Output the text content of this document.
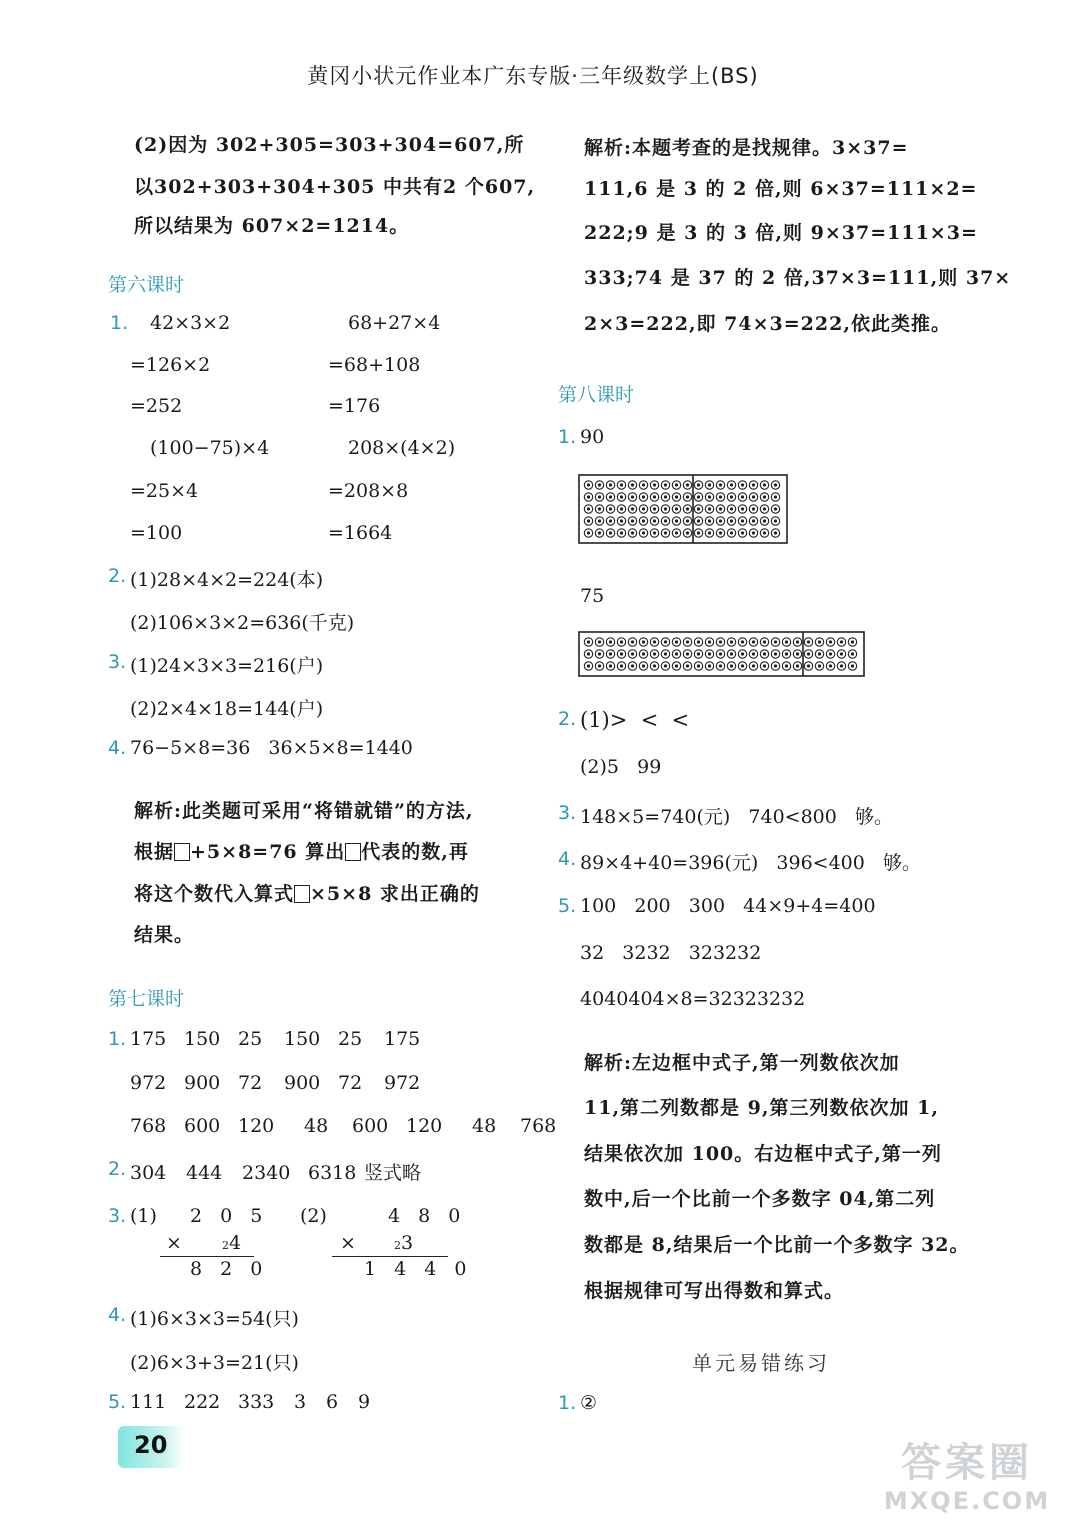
黄冈小状元作业本广东专版·三年级数学上(BS)
(2)因为 302+305=303+304=607,所
以302+303+304+305 中共有2 个607,
所以结果为 607×2=1214。
第六课时
1. 42×3×2
=126×2
=252
68+27×4
=68+108
=176
(100−75)×4
=25×4
=100
208×(4×2)
=208×8
=1664
2. (1)28×4×2=224(本)
(2)106×3×2=636(千克)
3. (1)24×3×3=216(户)
(2)2×4×18=144(户)
4. 76−5×8=36   36×5×8=1440
解析:此类题可采用“将错就错”的方法,
根据 +5×8=76 算出 代表的数,再
将这个数代入算式 ×5×8 求出正确的
结果。
第七课时
1. 175 150 25 150 25 175
972 900 72 900 72 972
768 600 120 48 600 120 48 768
2. 304 444 2340 6318 竖式略
3. (1) 2 0 5
×	24
8 2 0
(2)	4 8 0
×	23
1 4 4 0
4. (1)6×3×3=54(只)
(2)6×3+3=21(只)
5. 111 222 333 3 6 9
解析:本题考查的是找规律。3×37=
111,6 是 3 的 2 倍,则 6×37=111×2=
222;9 是 3 的 3 倍,则 9×37=111×3=
333;74 是 37 的 2 倍,37×3=111,则 37×
2×3=222,即 74×3=222,依此类推。
第八课时
1. 90
75
2. (1)>  <  <
(2)5   99
3. 148×5=740(元)   740<800   够。
4. 89×4+40=396(元)   396<400   够。
5. 100   200   300   44×9+4=400
32   3232   323232
4040404×8=32323232
解析:左边框中式子,第一列数依次加
11,第二列数都是 9,第三列数依次加 1,
结果依次加 100。右边框中式子,第一列
数中,后一个比前一个多数字 04,第二列
数都是 8,结果后一个比前一个多数字 32。
根据规律可写出得数和算式。
单元易错练习
1. ②
20	答案圈
MXQE.COM
